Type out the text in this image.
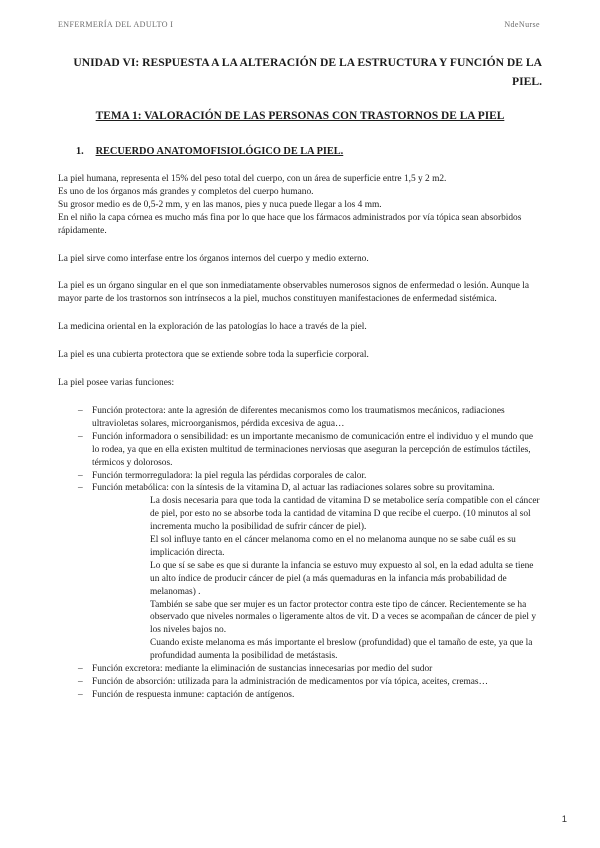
ENFERMERÍA DEL ADULTO I	NdeNurse
UNIDAD VI: RESPUESTA A LA ALTERACIÓN DE LA ESTRUCTURA Y FUNCIÓN DE LA PIEL.
TEMA 1: VALORACIÓN DE LAS PERSONAS CON TRASTORNOS DE LA PIEL
1. RECUERDO ANATOMOFISIOLÓGICO DE LA PIEL.

La piel humana, representa el 15% del peso total del cuerpo, con un área de superficie entre 1,5 y 2 m2.
Es uno de los órganos más grandes y completos del cuerpo humano.
Su grosor medio es de 0,5-2 mm, y en las manos, pies y nuca puede llegar a los 4 mm.
En el niño la capa córnea es mucho más fina por lo que hace que los fármacos administrados por vía tópica sean absorbidos rápidamente.

La piel sirve como interfase entre los órganos internos del cuerpo y medio externo.

La piel es un órgano singular en el que son inmediatamente observables numerosos signos de enfermedad o lesión. Aunque la mayor parte de los trastornos son intrínsecos a la piel, muchos constituyen manifestaciones de enfermedad sistémica.

La medicina oriental en la exploración de las patologías lo hace a través de la piel.

La piel es una cubierta protectora que se extiende sobre toda la superficie corporal.

La piel posee varias funciones:

– Función protectora: ante la agresión de diferentes mecanismos como los traumatismos mecánicos, radiaciones ultravioletas solares, microorganismos, pérdida excesiva de agua…
– Función informadora o sensibilidad: es un importante mecanismo de comunicación entre el individuo y el mundo que lo rodea, ya que en ella existen multitud de terminaciones nerviosas que aseguran la percepción de estímulos táctiles, térmicos y dolorosos.
– Función termorreguladora: la piel regula las pérdidas corporales de calor.
– Función metabólica: con la síntesis de la vitamina D, al actuar las radiaciones solares sobre su provitamina.

La dosis necesaria para que toda la cantidad de vitamina D se metabolice sería compatible con el cáncer de piel, por esto no se absorbe toda la cantidad de vitamina D que recibe el cuerpo. (10 minutos al sol incrementa mucho la posibilidad de sufrir cáncer de piel).

El sol influye tanto en el cáncer melanoma como en el no melanoma aunque no se sabe cuál es su implicación directa.

Lo que sí se sabe es que si durante la infancia se estuvo muy expuesto al sol, en la edad adulta se tiene un alto índice de producir cáncer de piel (a más quemaduras en la infancia más probabilidad de melanomas) .

También se sabe que ser mujer es un factor protector contra este tipo de cáncer. Recientemente se ha observado que niveles normales o ligeramente altos de vit. D a veces se acompañan de cáncer de piel y los niveles bajos no.

Cuando existe melanoma es más importante el breslow (profundidad) que el tamaño de este, ya que la profundidad aumenta la posibilidad de metástasis.

– Función excretora: mediante la eliminación de sustancias innecesarias por medio del sudor
– Función de absorción: utilizada para la administración de medicamentos por vía tópica, aceites, cremas…
– Función de respuesta inmune: captación de antígenos.
1
